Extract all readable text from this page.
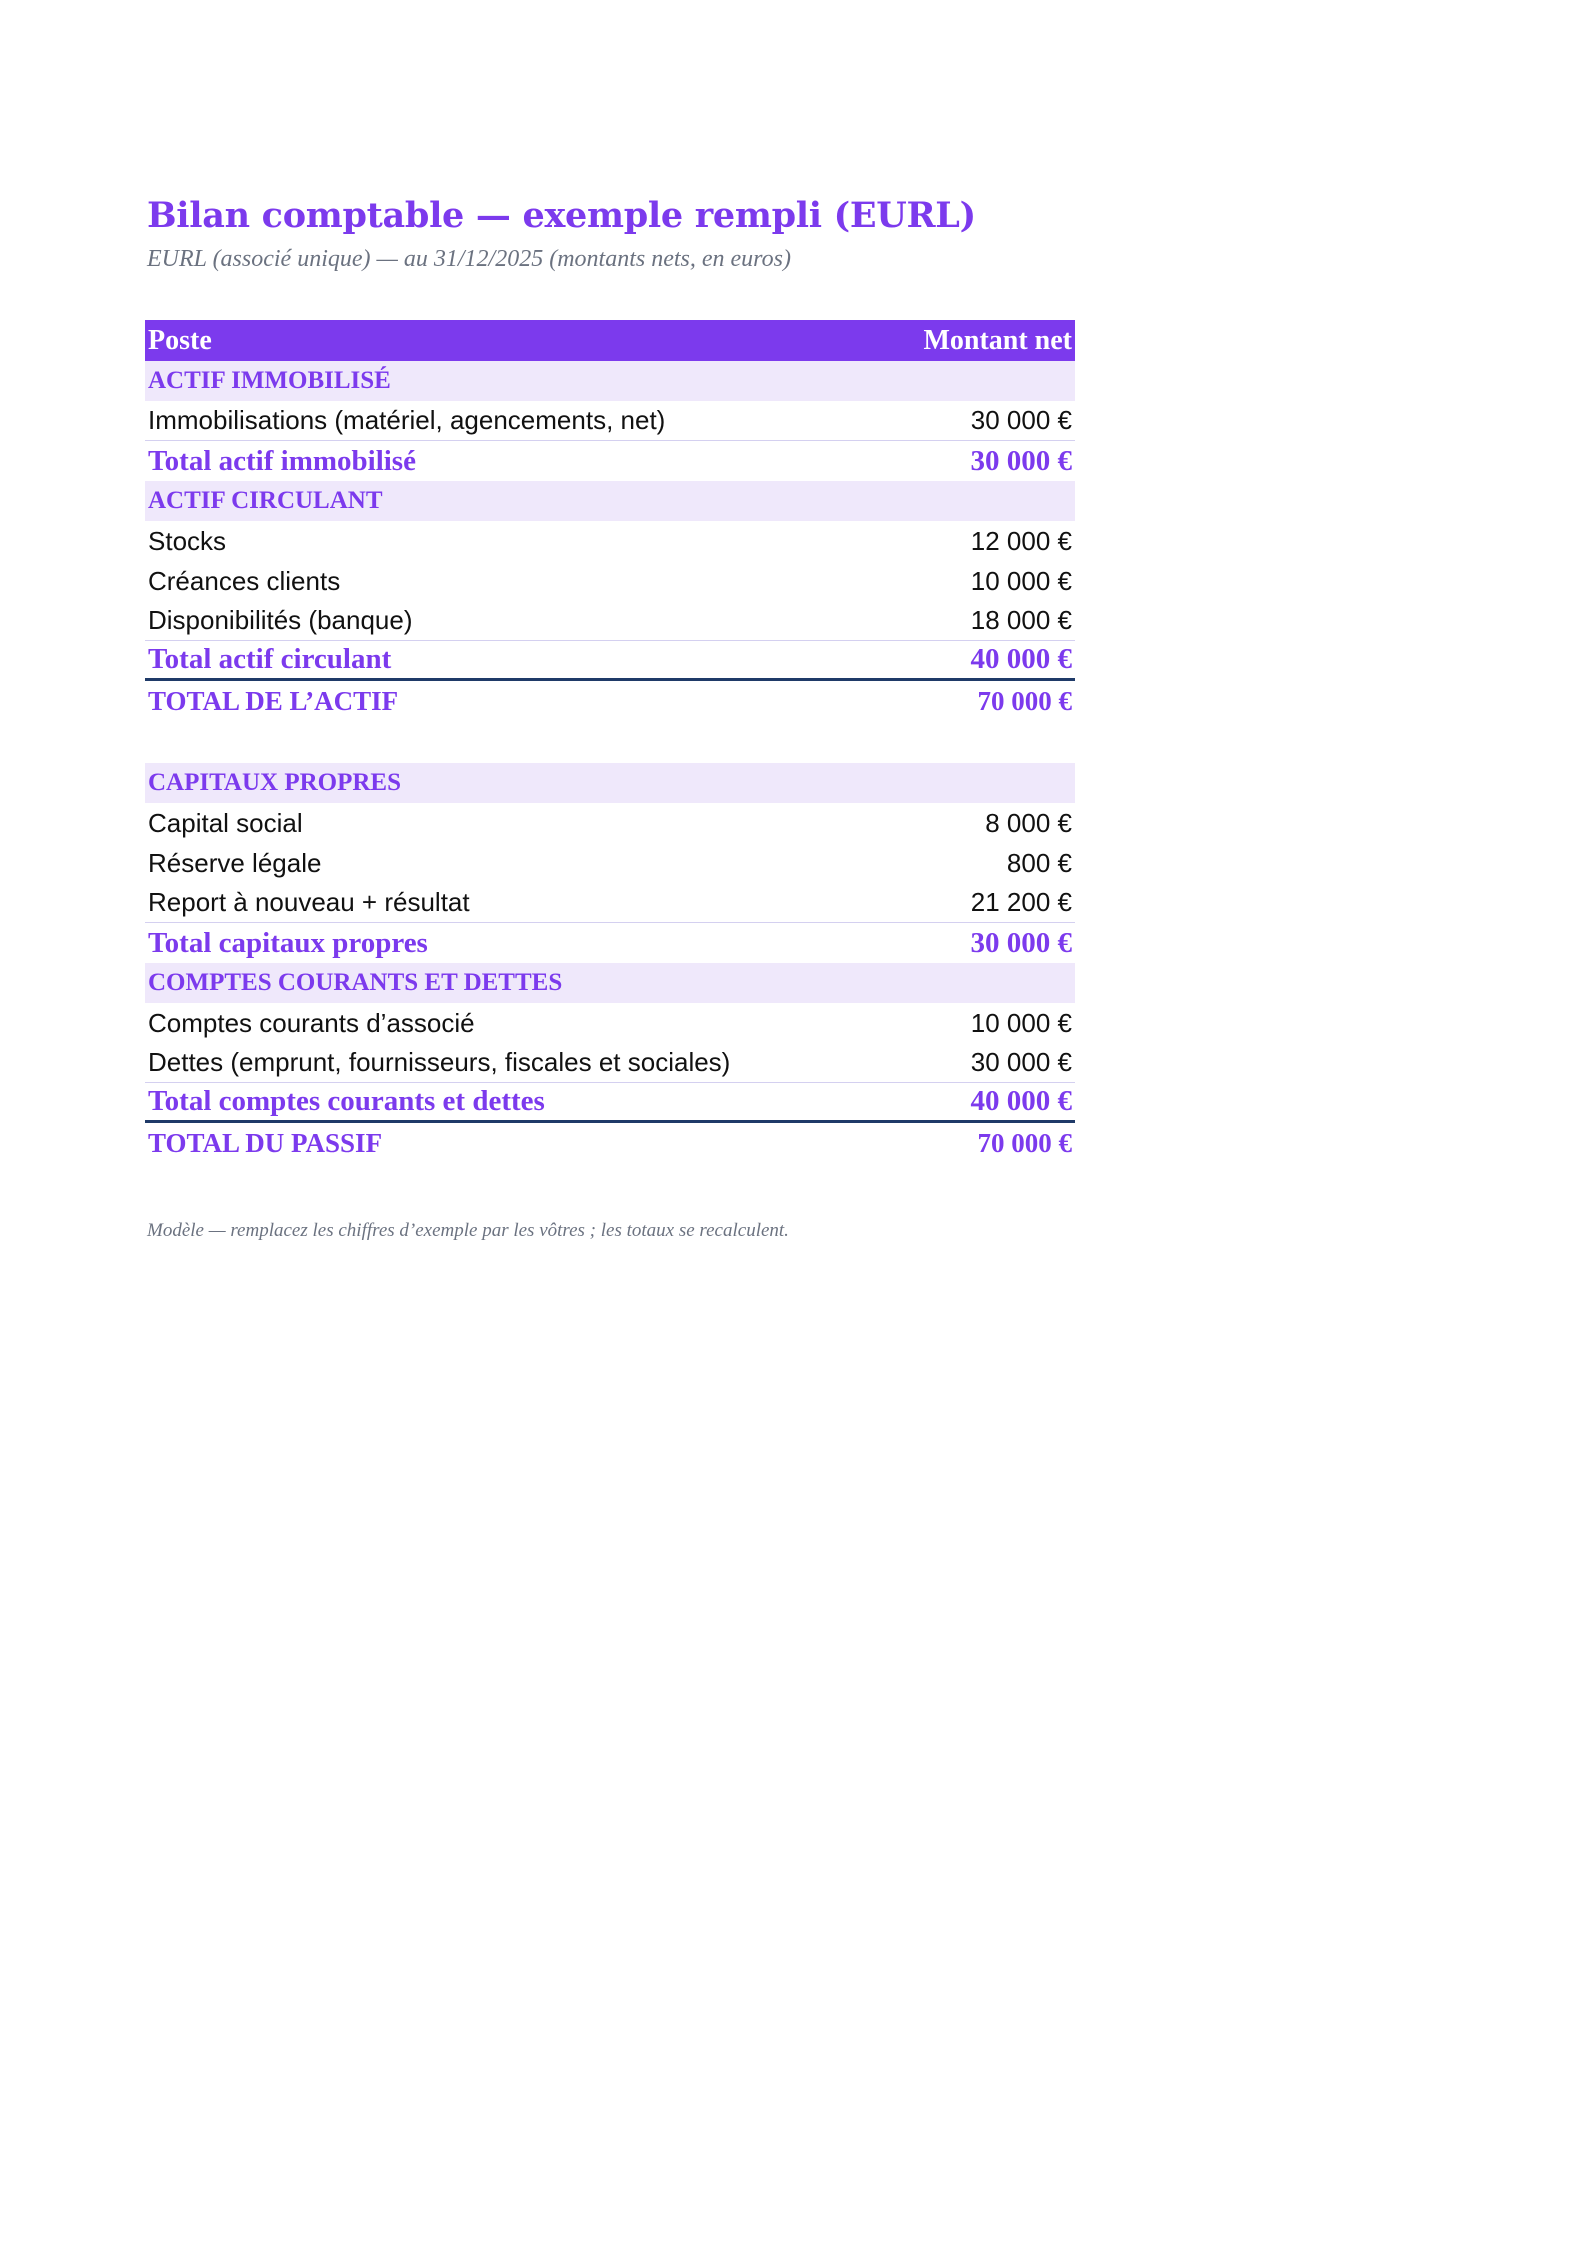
Bilan comptable — exemple rempli (EURL)
EURL (associé unique) — au 31/12/2025 (montants nets, en euros)
Poste	Montant net
ACTIF IMMOBILISÉ
Immobilisations (matériel, agencements, net)	30 000 €
Total actif immobilisé	30 000 €
ACTIF CIRCULANT
Stocks	12 000 €
Créances clients	10 000 €
Disponibilités (banque)	18 000 €
Total actif circulant	40 000 €
TOTAL DE L’ACTIF	70 000 €
CAPITAUX PROPRES
Capital social	8 000 €
Réserve légale	800 €
Report à nouveau + résultat	21 200 €
Total capitaux propres	30 000 €
COMPTES COURANTS ET DETTES
Comptes courants d’associé	10 000 €
Dettes (emprunt, fournisseurs, fiscales et sociales)	30 000 €
Total comptes courants et dettes	40 000 €
TOTAL DU PASSIF	70 000 €
Modèle — remplacez les chiffres d’exemple par les vôtres ; les totaux se recalculent.
